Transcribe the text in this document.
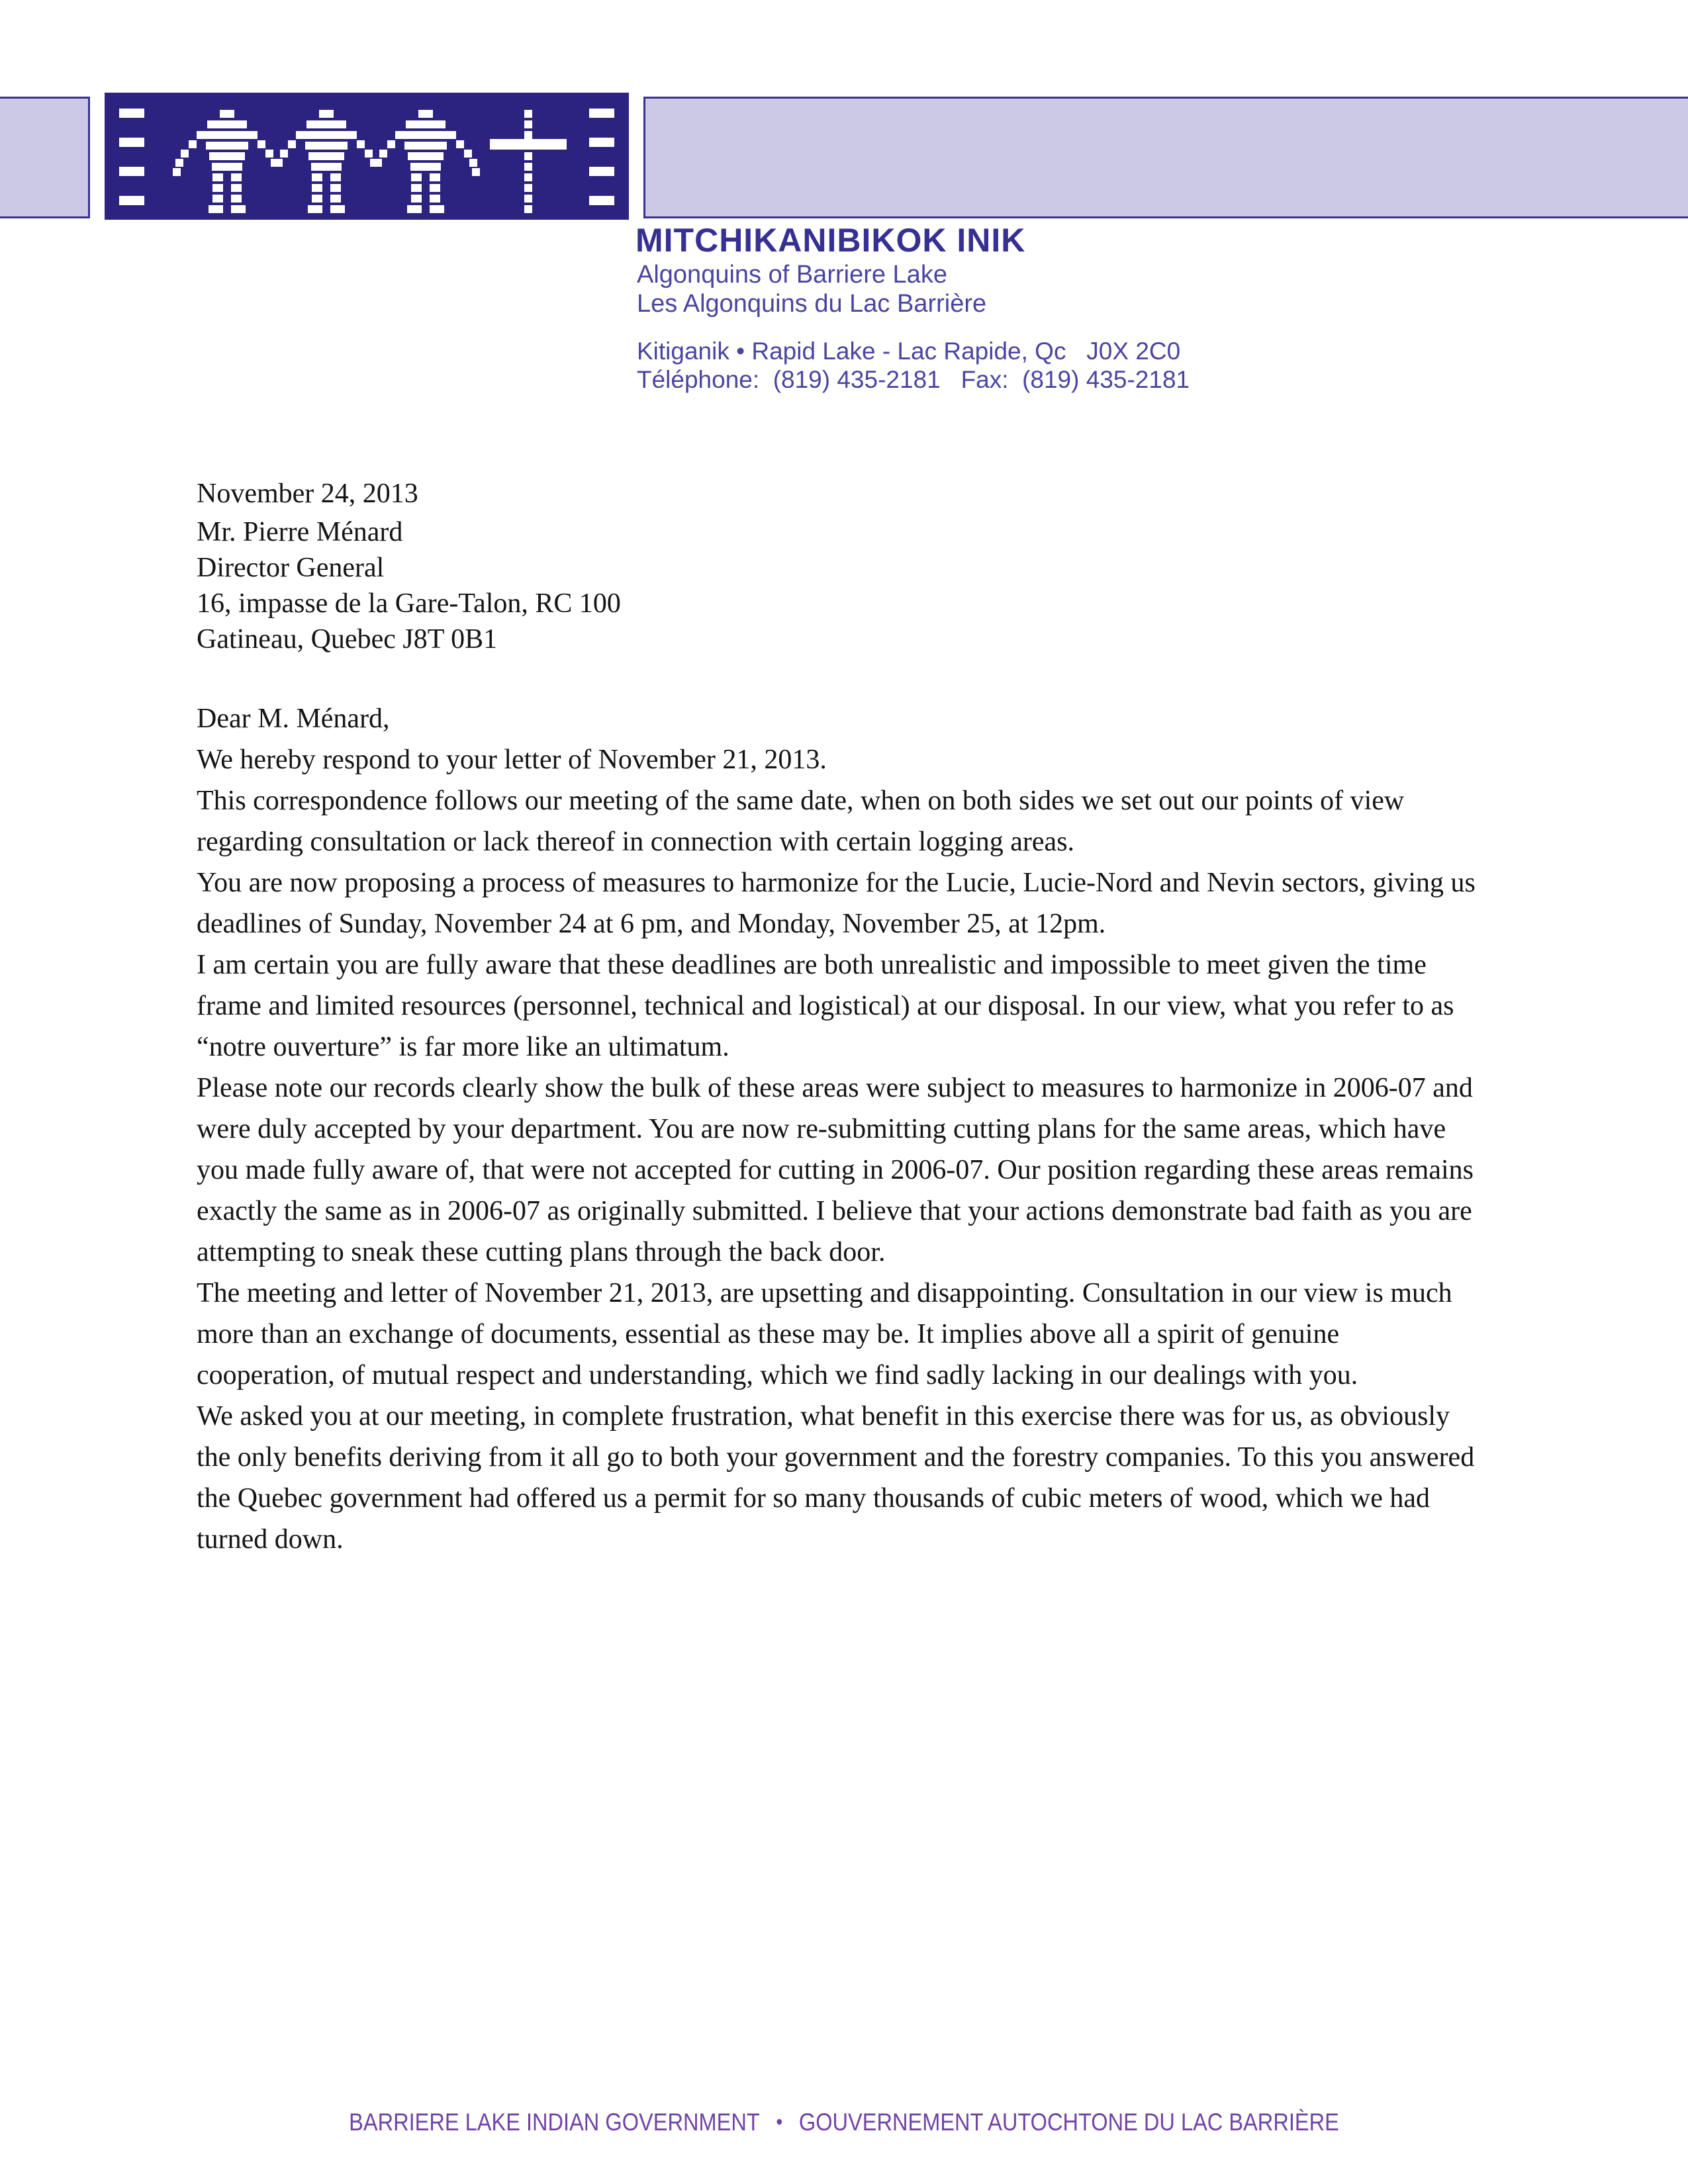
MITCHIKANIBIKOK INIK
Algonquins of Barriere Lake
Les Algonquins du Lac Barrière
Kitiganik • Rapid Lake - Lac Rapide, Qc   J0X 2C0
Téléphone:  (819) 435-2181   Fax:  (819) 435-2181

November 24, 2013

Mr. Pierre Ménard

Director General

16, impasse de la Gare-Talon, RC 100

Gatineau, Quebec J8T 0B1

Dear M. Ménard,

We hereby respond to your letter of November 21, 2013.

This correspondence follows our meeting of the same date, when on both sides we set out our points of view regarding consultation or lack thereof in connection with certain logging areas.

You are now proposing a process of measures to harmonize for the Lucie, Lucie-Nord and Nevin sectors, giving us deadlines of Sunday, November 24 at 6 pm, and Monday, November 25, at 12pm.
I am certain you are fully aware that these deadlines are both unrealistic and impossible to meet given the time frame and limited resources (personnel, technical and logistical) at our disposal. In our view, what you refer to as “notre ouverture” is far more like an ultimatum.

Please note our records clearly show the bulk of these areas were subject to measures to harmonize in 2006-07 and were duly accepted by your department. You are now re-submitting cutting plans for the same areas, which have you made fully aware of, that were not accepted for cutting in 2006-07. Our position regarding these areas remains exactly the same as in 2006-07 as originally submitted. I believe that your actions demonstrate bad faith as you are attempting to sneak these cutting plans through the back door.

The meeting and letter of November 21, 2013, are upsetting and disappointing. Consultation in our view is much more than an exchange of documents, essential as these may be. It implies above all a spirit of genuine cooperation, of mutual respect and understanding, which we find sadly lacking in our dealings with you.

We asked you at our meeting, in complete frustration, what benefit in this exercise there was for us, as obviously the only benefits deriving from it all go to both your government and the forestry companies. To this you answered the Quebec government had offered us a permit for so many thousands of cubic meters of wood, which we had turned down.

BARRIERE LAKE INDIAN GOVERNMENT • GOUVERNEMENT AUTOCHTONE DU LAC BARRIÈRE
